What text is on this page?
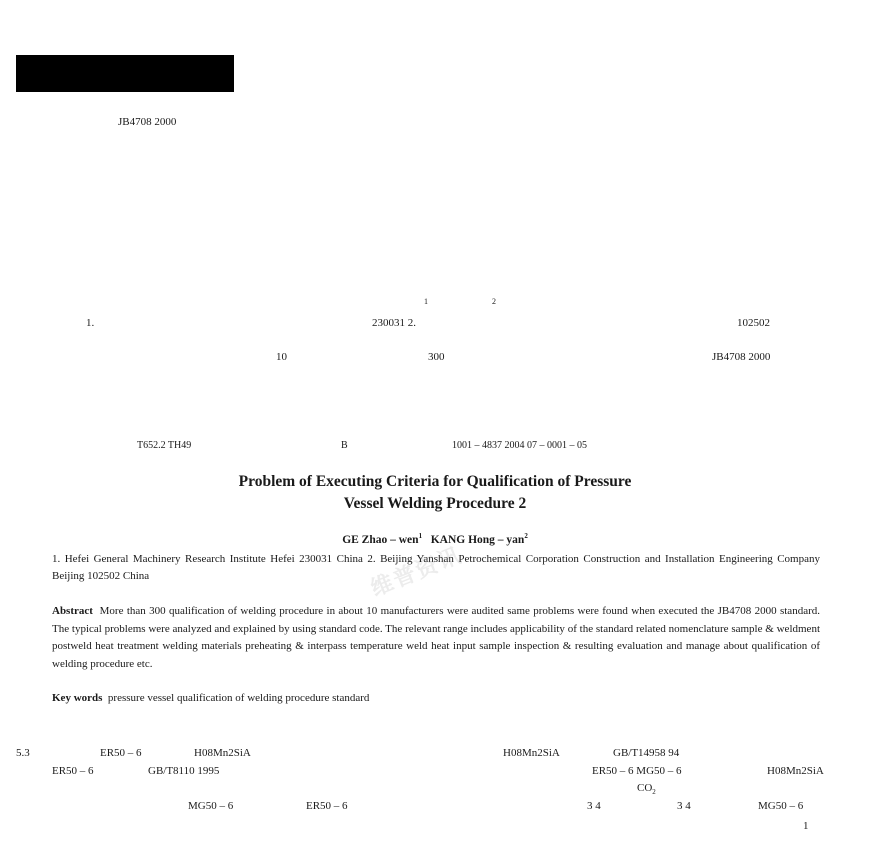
JB4708 2000
1	2
1.	230031 2.	102502
10	300	JB4708 2000
T652.2 TH49	B	1001 – 4837 2004 07 – 0001 – 05
Problem of Executing Criteria for Qualification of Pressure
Vessel Welding Procedure 2
GE Zhao – wen$^1$ KANG Hong – yan$^2$
1. Hefei General Machinery Research Institute Hefei 230031 China 2. Beijing Yanshan Petrochemical Corporation Construction and Installation Engineering Company Beijing 102502 China	维普资讯
Abstract More than 300 qualification of welding procedure in about 10 manufacturers were audited same problems were found when executed the JB4708 2000 standard. The typical problems were analyzed and explained by using standard code. The relevant range includes applicability of the standard related nomenclature sample & weldment postweld heat treatment welding materials preheating & interpass temperature weld heat input sample inspection & resulting evaluation and manage about qualification of welding procedure etc.
Key words pressure vessel qualification of welding procedure standard
5.3	ER50 – 6	H08Mn2SiA	H08Mn2SiA	GB/T14958 94
ER50 – 6	GB/T8110 1995	ER50 – 6 MG50 – 6	H08Mn2SiA
$CO_2$
MG50 – 6	ER50 – 6	3 4	3 4	MG50 – 6
1
